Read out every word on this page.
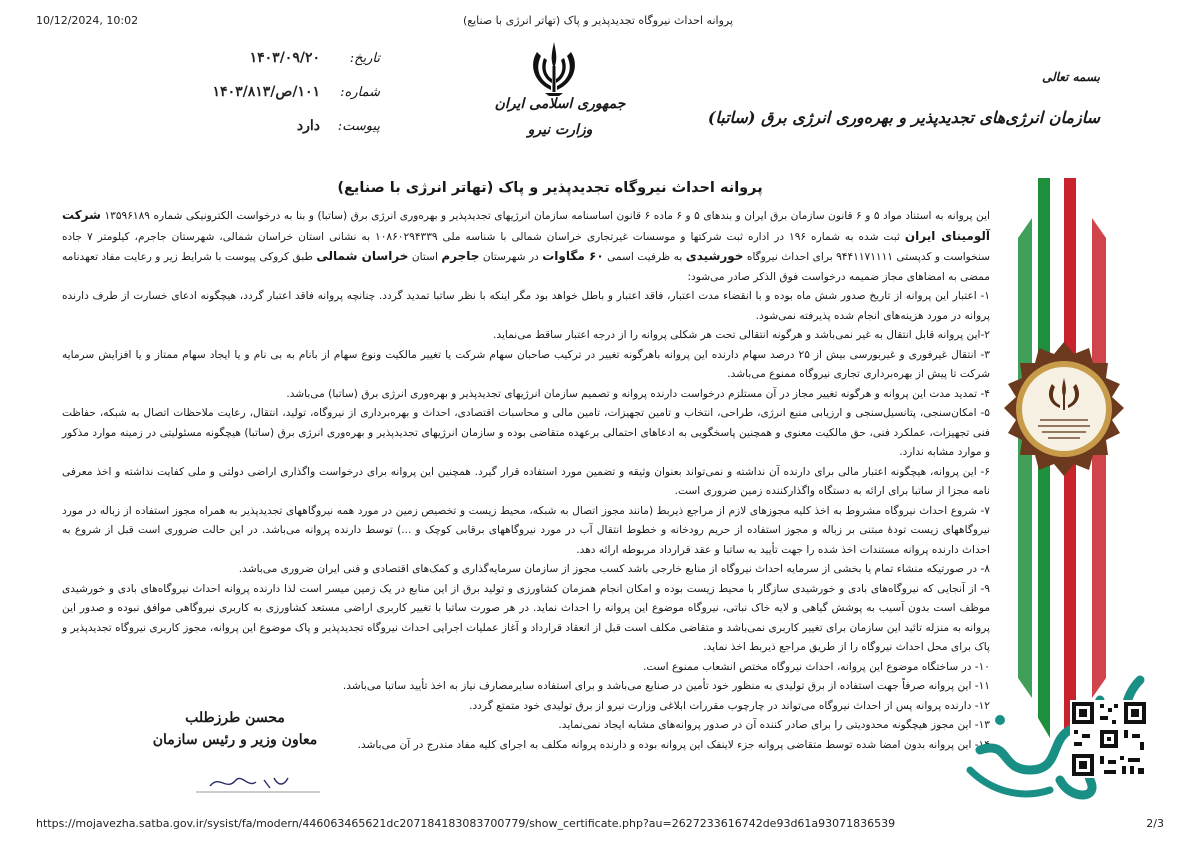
10/12/2024, 10:02	پروانه احداث نیروگاه تجدیدپذیر و پاک (تهاتر انرژی با صنایع)
تاریخ:
۱۴۰۳/۰۹/۲۰
شماره:
۱۰۱/ص/۱۴۰۳/۸۱۳
پیوست:
دارد
جمهوری اسلامی ایران
وزارت نیرو
بسمه تعالی
سازمان انرژی‌های تجدیدپذیر و بهره‌وری انرژی برق (ساتبا)
پروانه احداث نیروگاه تجدیدپذیر و پاک (تهاتر انرژی با صنایع)

این پروانه به استناد مواد ۵ و ۶ قانون سازمان برق ایران و بندهای ۵ و ۶ ماده ۶ قانون اساسنامه سازمان انرژیهای تجدیدپذیر و بهره‌وری انرژی برق (ساتبا) و بنا به درخواست الکترونیکی شماره ۱۳۵۹۶۱۸۹ شرکت آلومینای ایران ثبت شده به شماره ۱۹۶ در اداره ثبت شرکتها و موسسات غیرتجاری خراسان شمالی با شناسه ملی ۱۰۸۶۰۲۹۴۳۳۹ به نشانی استان خراسان شمالی، شهرستان جاجرم، کیلومتر ۷ جاده سنخواست و کدپستی ۹۴۴۱۱۷۱۱۱۱ برای احداث نیروگاه خورشیدی به ظرفیت اسمی ۶۰ مگاوات در شهرستان جاجرم استان خراسان شمالی طبق کروکی پیوست با شرایط زیر و رعایت مفاد تعهدنامه ممضی به امضاهای مجاز ضمیمه درخواست فوق الذکر صادر می‌شود:

۱- اعتبار این پروانه از تاریخ صدور شش ماه بوده و با انقضاء مدت اعتبار، فاقد اعتبار و باطل خواهد بود مگر اینکه با نظر ساتبا تمدید گردد. چنانچه پروانه فاقد اعتبار گردد، هیچگونه ادعای خسارت از طرف دارنده پروانه در مورد هزینه‌های انجام شده پذیرفته نمی‌شود.

۲-این پروانه قابل انتقال به غیر نمی‌باشد و هرگونه انتقالی تحت هر شکلی پروانه را از درجه اعتبار ساقط می‌نماید.

۳- انتقال غیرفوری و غیربورسی بیش از ۲۵ درصد سهام دارنده این پروانه باهرگونه تغییر در ترکیب صاحبان سهام شرکت یا تغییر مالکیت ونوع سهام از بانام به بی نام و یا ایجاد سهام ممتاز و یا افزایش سرمایه شرکت تا پیش از بهره‌برداری تجاری نیروگاه ممنوع می‌باشد.

۴- تمدید مدت این پروانه و هرگونه تغییر مجاز در آن مستلزم درخواست دارنده پروانه و تصمیم سازمان انرژیهای تجدیدپذیر و بهره‌وری انرژی برق (ساتبا) می‌باشد.

۵- امکان‌سنجی، پتانسیل‌سنجی و ارزیابی منبع انرژی، طراحی، انتخاب و تامین تجهیزات، تامین مالی و محاسبات اقتصادی، احداث و بهره‌برداری از نیروگاه، تولید، انتقال، رعایت ملاحظات اتصال به شبکه، حفاظت فنی تجهیزات، عملکرد فنی، حق مالکیت معنوی و همچنین پاسخگویی به ادعاهای احتمالی برعهده متقاضی بوده و سازمان انرژیهای تجدیدپذیر و بهره‌وری انرژی برق (ساتبا) هیچگونه مسئولیتی در زمینه موارد مذکور و موارد مشابه ندارد.

۶- این پروانه، هیچگونه اعتبار مالی برای دارنده آن نداشته و نمی‌تواند بعنوان وثیقه و تضمین مورد استفاده قرار گیرد. همچنین این پروانه برای درخواست واگذاری اراضی دولتی و ملی کفایت نداشته و اخذ معرفی نامه مجزا از ساتبا برای ارائه به دستگاه واگذارکننده زمین ضروری است.

۷- شروع احداث نیروگاه مشروط به اخذ کلیه مجوزهای لازم از مراجع ذیربط (مانند مجوز اتصال به شبکه، محیط زیست و تخصیص زمین در مورد همه نیروگاههای تجدیدپذیر به همراه مجوز استفاده از زباله در مورد نیروگاههای زیست تودهٔ مبتنی بر زباله و مجوز استفاده از حریم رودخانه و خطوط انتقال آب در مورد نیروگاههای برقابی کوچک و ...) توسط دارنده پروانه می‌باشد. در این حالت ضروری است قبل از شروع به احداث دارنده پروانه مستندات اخذ شده را جهت تأیید به ساتبا و عقد قرارداد مربوطه ارائه دهد.

۸- در صورتیکه منشاء تمام یا بخشی از سرمایه احداث نیروگاه از منابع خارجی باشد کسب مجوز از سازمان سرمایه‌گذاری و کمک‌های اقتصادی و فنی ایران ضروری می‌باشد.

۹- از آنجایی که نیروگاه‌های بادی و خورشیدی سازگار با محیط زیست بوده و امکان انجام همزمان کشاورزی و تولید برق از این منابع در یک زمین میسر است لذا دارنده پروانه احداث نیروگاه‌های بادی و خورشیدی موظف است بدون آسیب به پوشش گیاهی و لایه خاک نباتی، نیروگاه موضوع این پروانه را احداث نماید. در هر صورت ساتبا با تغییر کاربری اراضی مستعد کشاورزی به کاربری نیروگاهی موافق نبوده و صدور این پروانه به منزله تائید این سازمان برای تغییر کاربری نمی‌باشد و متقاضی مکلف است قبل از انعقاد قرارداد و آغاز عملیات اجرایی احداث نیروگاه تجدیدپذیر و پاک موضوع این پروانه، مجوز کاربری نیروگاه تجدیدپذیر و پاک برای محل احداث نیروگاه را از طریق مراجع ذیربط اخذ نماید.

۱۰- در ساختگاه موضوع این پروانه، احداث نیروگاه مختص انشعاب ممنوع است.

۱۱- این پروانه صرفاً جهت استفاده از برق تولیدی به منظور خود تأمین در صنایع می‌باشد و برای استفاده سایرمصارف نیاز به اخذ تأیید ساتبا می‌باشد.

۱۲- دارنده پروانه پس از احداث نیروگاه می‌تواند در چارچوب مقررات ابلاغی وزارت نیرو از برق تولیدی خود متمتع گردد.

۱۳- این مجوز هیچگونه محدودیتی را برای صادر کننده آن در صدور پروانه‌های مشابه ایجاد نمی‌نماید.

۱۴- این پروانه بدون امضا شده توسط متقاضی پروانه جزء لاینفک این پروانه بوده و دارنده پروانه مکلف به اجرای کلیه مفاد مندرج در آن می‌باشد.

محسن طرزطلب
معاون وزیر و رئیس سازمان
https://mojavezha.satba.gov.ir/sysist/fa/modern/446063465621dc207184183083700779/show_certificate.php?au=2627233616742de93d61a93071836539	2/3
